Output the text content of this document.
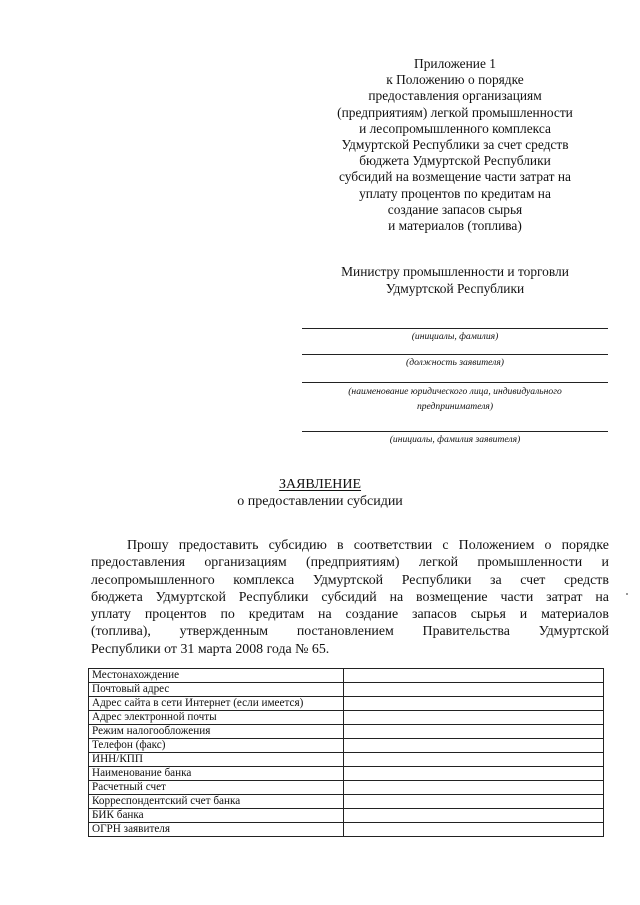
Приложение 1
к Положению о порядке
предоставления организациям
(предприятиям) легкой промышленности
и лесопромышленного комплекса
Удмуртской Республики за счет средств
бюджета Удмуртской Республики
субсидий на возмещение части затрат на
уплату процентов по кредитам на
создание запасов сырья
и материалов (топлива)
Министру промышленности и торговли
Удмуртской Республики
(инициалы, фамилия)
(должность заявителя)
(наименование юридического лица, индивидуального
предпринимателя)
(инициалы, фамилия заявителя)
ЗАЯВЛЕНИЕ
о предоставлении субсидии
Прошу предоставить субсидию в соответствии с Положением о порядке
предоставления организациям (предприятиям) легкой промышленности и
лесопромышленного комплекса Удмуртской Республики за счет средств
бюджета Удмуртской Республики субсидий на возмещение части затрат на
уплату процентов по кредитам на создание запасов сырья и материалов
(топлива), утвержденным постановлением Правительства Удмуртской
Республики от 31 марта 2008 года № 65.
Местонахождение	
Почтовый адрес	
Адрес сайта в сети Интернет (если имеется)	
Адрес электронной почты	
Режим налогообложения	
Телефон (факс)	
ИНН/КПП	
Наименование банка	
Расчетный счет	
Корреспондентский счет банка	
БИК банка	
ОГРН заявителя	
